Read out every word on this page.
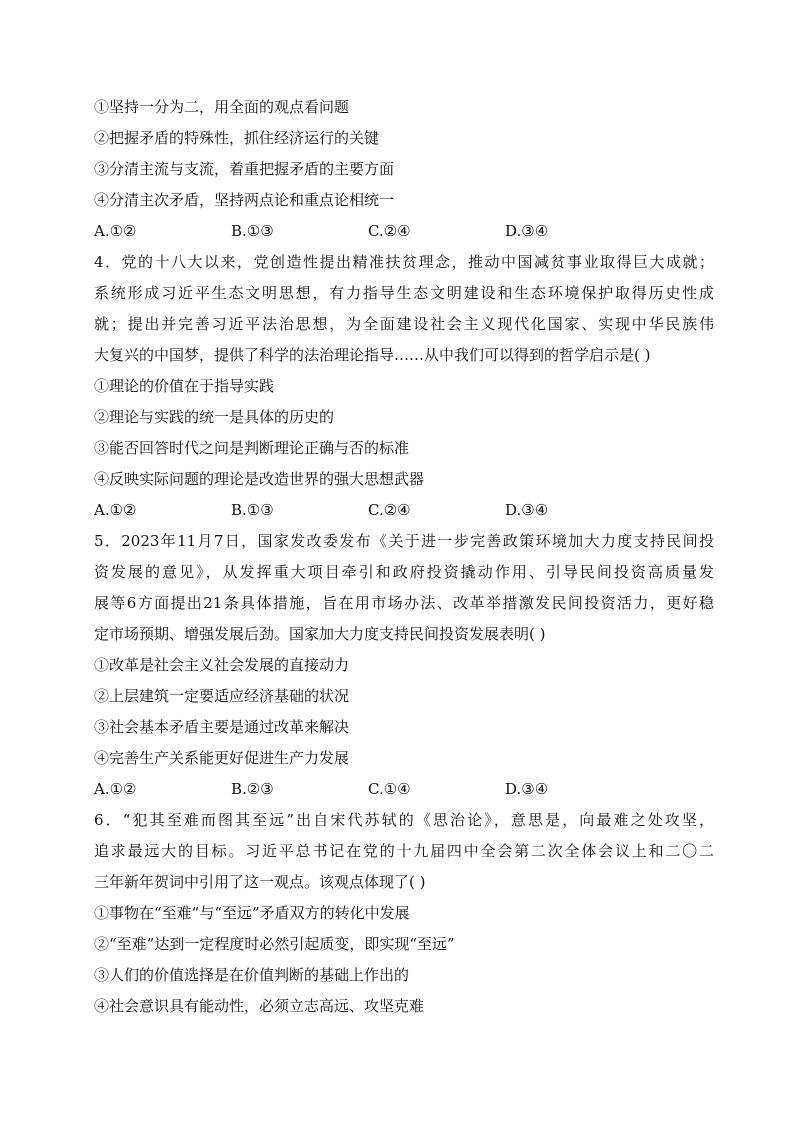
①坚持一分为二，用全面的观点看问题
②把握矛盾的特殊性，抓住经济运行的关键
③分清主流与支流，着重把握矛盾的主要方面
④分清主次矛盾，坚持两点论和重点论相统一
A.①②	B.①③	C.②④	D.③④
4．党的十八大以来，党创造性提出精准扶贫理念，推动中国减贫事业取得巨大成就；
系统形成习近平生态文明思想，有力指导生态文明建设和生态环境保护取得历史性成
就；提出并完善习近平法治思想，为全面建设社会主义现代化国家、实现中华民族伟
大复兴的中国梦，提供了科学的法治理论指导……从中我们可以得到的哲学启示是( )
①理论的价值在于指导实践
②理论与实践的统一是具体的历史的
③能否回答时代之问是判断理论正确与否的标准
④反映实际问题的理论是改造世界的强大思想武器
A.①②	B.①③	C.②④	D.③④
5．2023年11月7日，国家发改委发布《关于进一步完善政策环境加大力度支持民间投
资发展的意见》，从发挥重大项目牵引和政府投资撬动作用、引导民间投资高质量发
展等6方面提出21条具体措施，旨在用市场办法、改革举措激发民间投资活力，更好稳
定市场预期、增强发展后劲。国家加大力度支持民间投资发展表明( )
①改革是社会主义社会发展的直接动力
②上层建筑一定要适应经济基础的状况
③社会基本矛盾主要是通过改革来解决
④完善生产关系能更好促进生产力发展
A.①②	B.②③	C.①④	D.③④
6．“犯其至难而图其至远”出自宋代苏轼的《思治论》，意思是，向最难之处攻坚，
追求最远大的目标。习近平总书记在党的十九届四中全会第二次全体会议上和二〇二
三年新年贺词中引用了这一观点。该观点体现了( )
①事物在“至难”与“至远”矛盾双方的转化中发展
②“至难”达到一定程度时必然引起质变，即实现“至远”
③人们的价值选择是在价值判断的基础上作出的
④社会意识具有能动性，必须立志高远、攻坚克难
